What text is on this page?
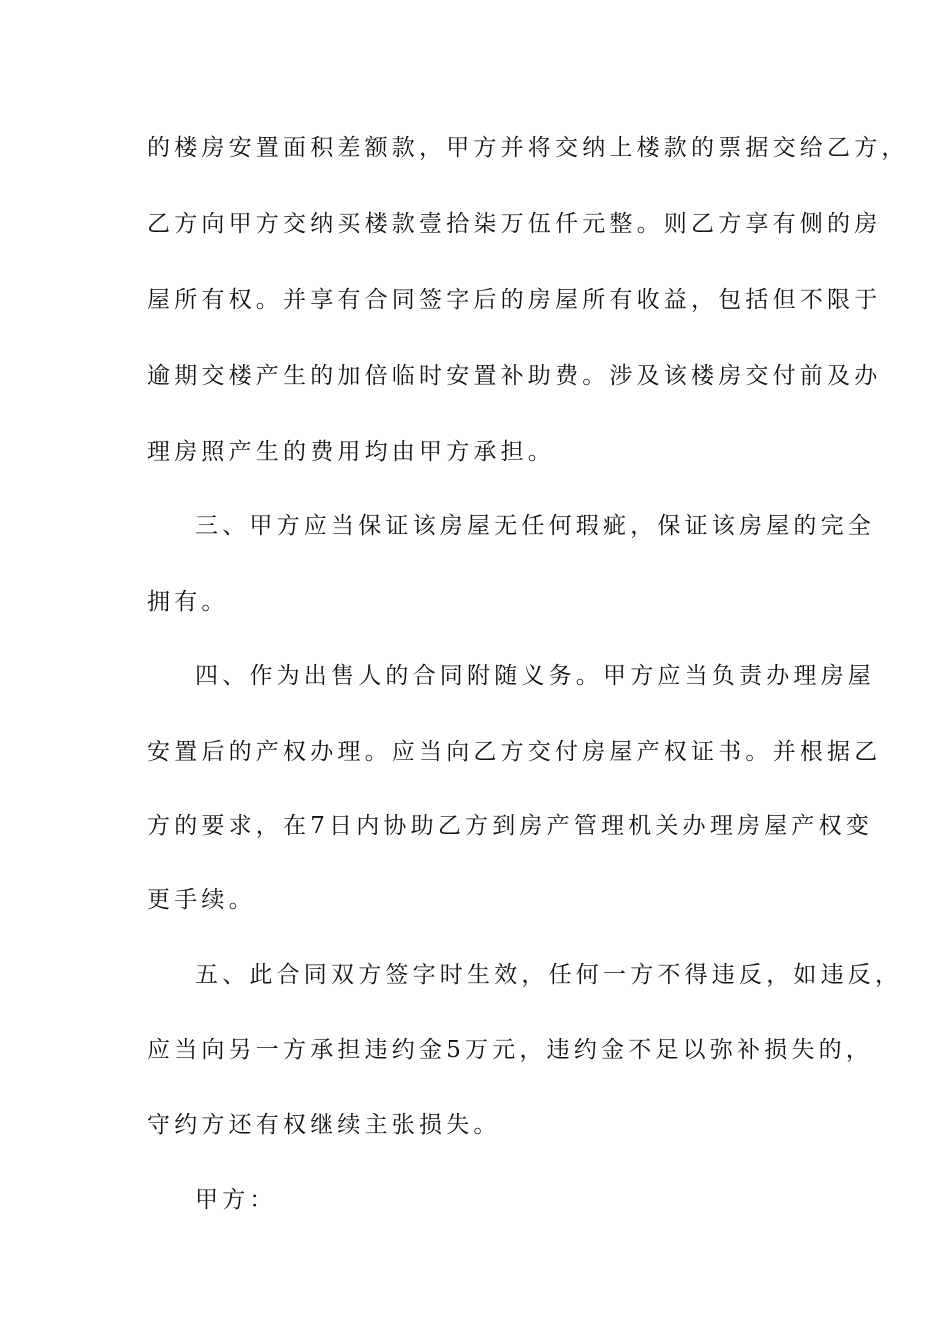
的楼房安置面积差额款，甲方并将交纳上楼款的票据交给乙方，
乙方向甲方交纳买楼款壹拾柒万伍仟元整。则乙方享有侧的房
屋所有权。并享有合同签字后的房屋所有收益，包括但不限于
逾期交楼产生的加倍临时安置补助费。涉及该楼房交付前及办
理房照产生的费用均由甲方承担。
三、甲方应当保证该房屋无任何瑕疵，保证该房屋的完全
拥有。
四、作为出售人的合同附随义务。甲方应当负责办理房屋
安置后的产权办理。应当向乙方交付房屋产权证书。并根据乙
方的要求，在7日内协助乙方到房产管理机关办理房屋产权变
更手续。
五、此合同双方签字时生效，任何一方不得违反，如违反，
应当向另一方承担违约金5万元，违约金不足以弥补损失的，
守约方还有权继续主张损失。
甲方：
